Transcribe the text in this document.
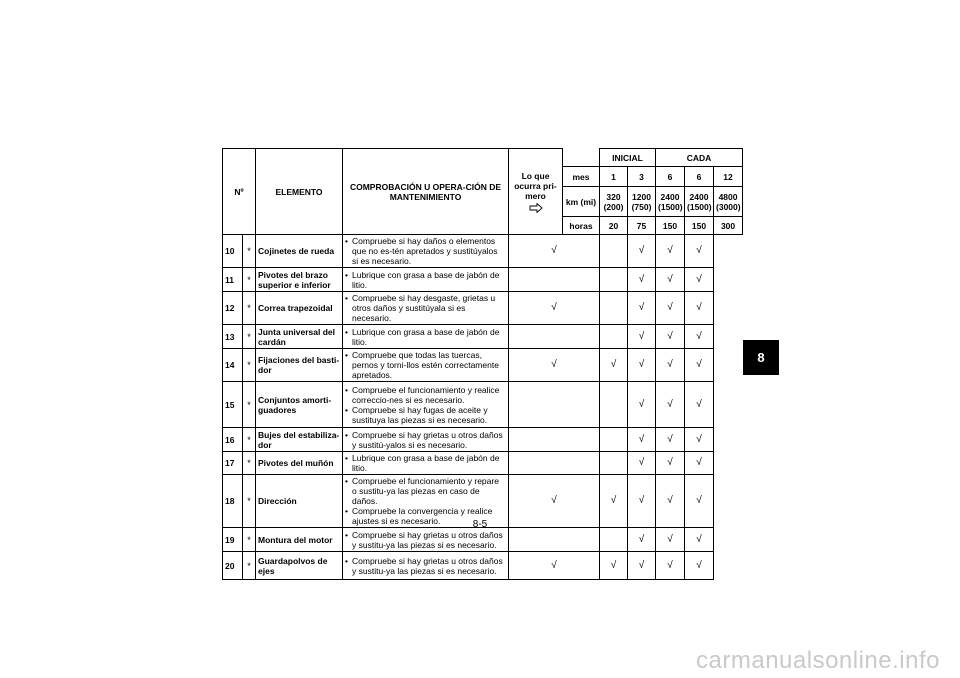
Nº		ELEMENTO	COMPROBACIÓN U OPERA-CIÓN DE MANTENIMIENTO	Lo que ocurra pri-mero		INICIAL		CADA		
					mes	1	3	6	6	12
					km (mi)	320 (200)	1200 (750)	2400 (1500)	2400 (1500)	4800 (3000)
					horas	20	75	150	150	300
10	*	Cojinetes de rueda	• Compruebe si hay daños o elementos que no es-tén apretados y sustitúyalos si es necesario.	√			√	√	√	
11	*	Pivotes del brazo superior e inferior	• Lubrique con grasa a base de jabón de litio.				√	√	√	
12	*	Correa trapezoidal	• Compruebe si hay desgaste, grietas u otros daños y sustitúyala si es necesario.	√			√	√	√	
13	*	Junta universal del cardán	• Lubrique con grasa a base de jabón de litio.				√	√	√	
14	*	Fijaciones del basti-dor	• Compruebe que todas las tuercas, pernos y torni-llos estén correctamente apretados.	√		√	√	√	√	
15	*	Conjuntos amorti-guadores	• Compruebe el funcionamiento y realice correccio-nes si es necesario.
• Compruebe si hay fugas de aceite y sustituya las piezas si es necesario.				√	√	√	
16	*	Bujes del estabiliza-dor	• Compruebe si hay grietas u otros daños y sustitú-yalos si es necesario.				√	√	√	
17	*	Pivotes del muñón	• Lubrique con grasa a base de jabón de litio.				√	√	√	
18	*	Dirección	• Compruebe el funcionamiento y repare o sustitu-ya las piezas en caso de daños.
• Compruebe la convergencia y realice ajustes si es necesario.	√		√	√	√	√	
19	*	Montura del motor	• Compruebe si hay grietas u otros daños y sustitu-ya las piezas si es necesario.				√	√	√	
20	*	Guardapolvos de ejes	• Compruebe si hay grietas u otros daños y sustitu-ya las piezas si es necesario.	√		√	√	√	√	
8
8-5
carmanualsonline.info
